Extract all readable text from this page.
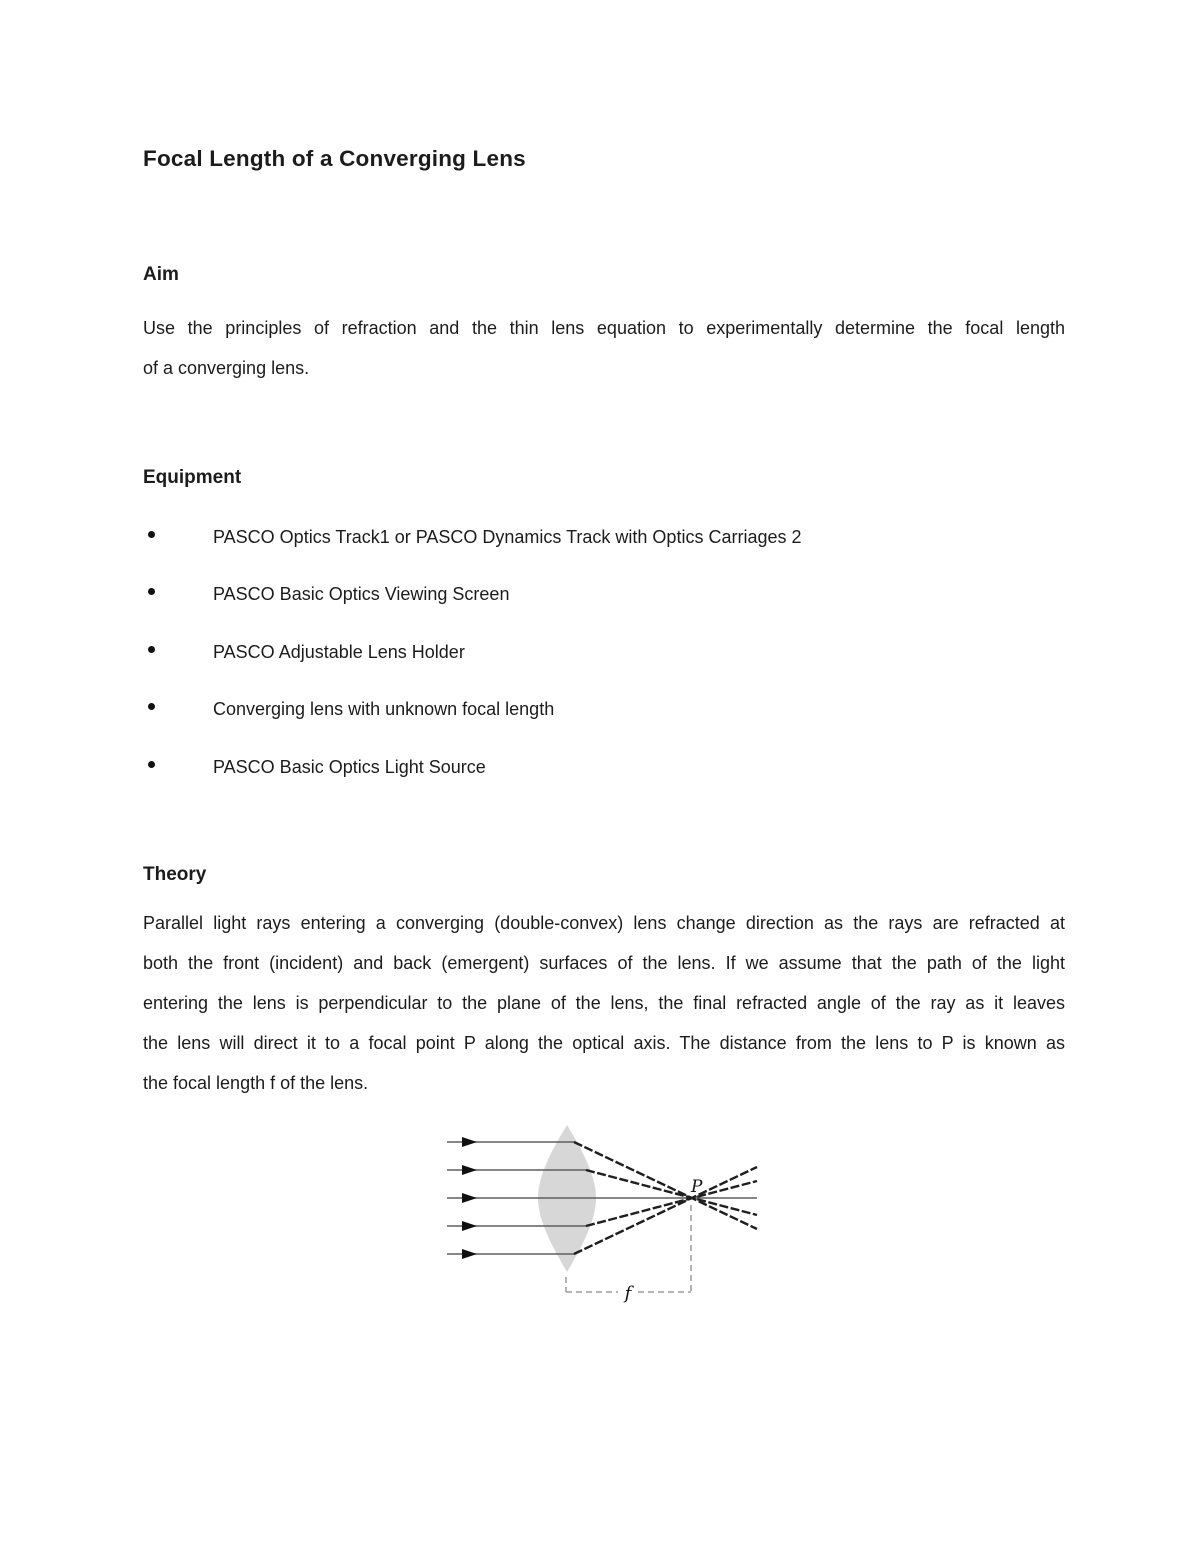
Focal Length of a Converging Lens
Aim
Use the principles of refraction and the thin lens equation to experimentally determine the focal length
of a converging lens.
Equipment
PASCO Optics Track1 or PASCO Dynamics Track with Optics Carriages 2
PASCO Basic Optics Viewing Screen
PASCO Adjustable Lens Holder
Converging lens with unknown focal length
PASCO Basic Optics Light Source
Theory
Parallel light rays entering a converging (double-convex) lens change direction as the rays are refracted at
both the front (incident) and back (emergent) surfaces of the lens. If we assume that the path of the light
entering the lens is perpendicular to the plane of the lens, the final refracted angle of the ray as it leaves
the lens will direct it to a focal point P along the optical axis. The distance from the lens to P is known as
the focal length f of the lens.
P
f
